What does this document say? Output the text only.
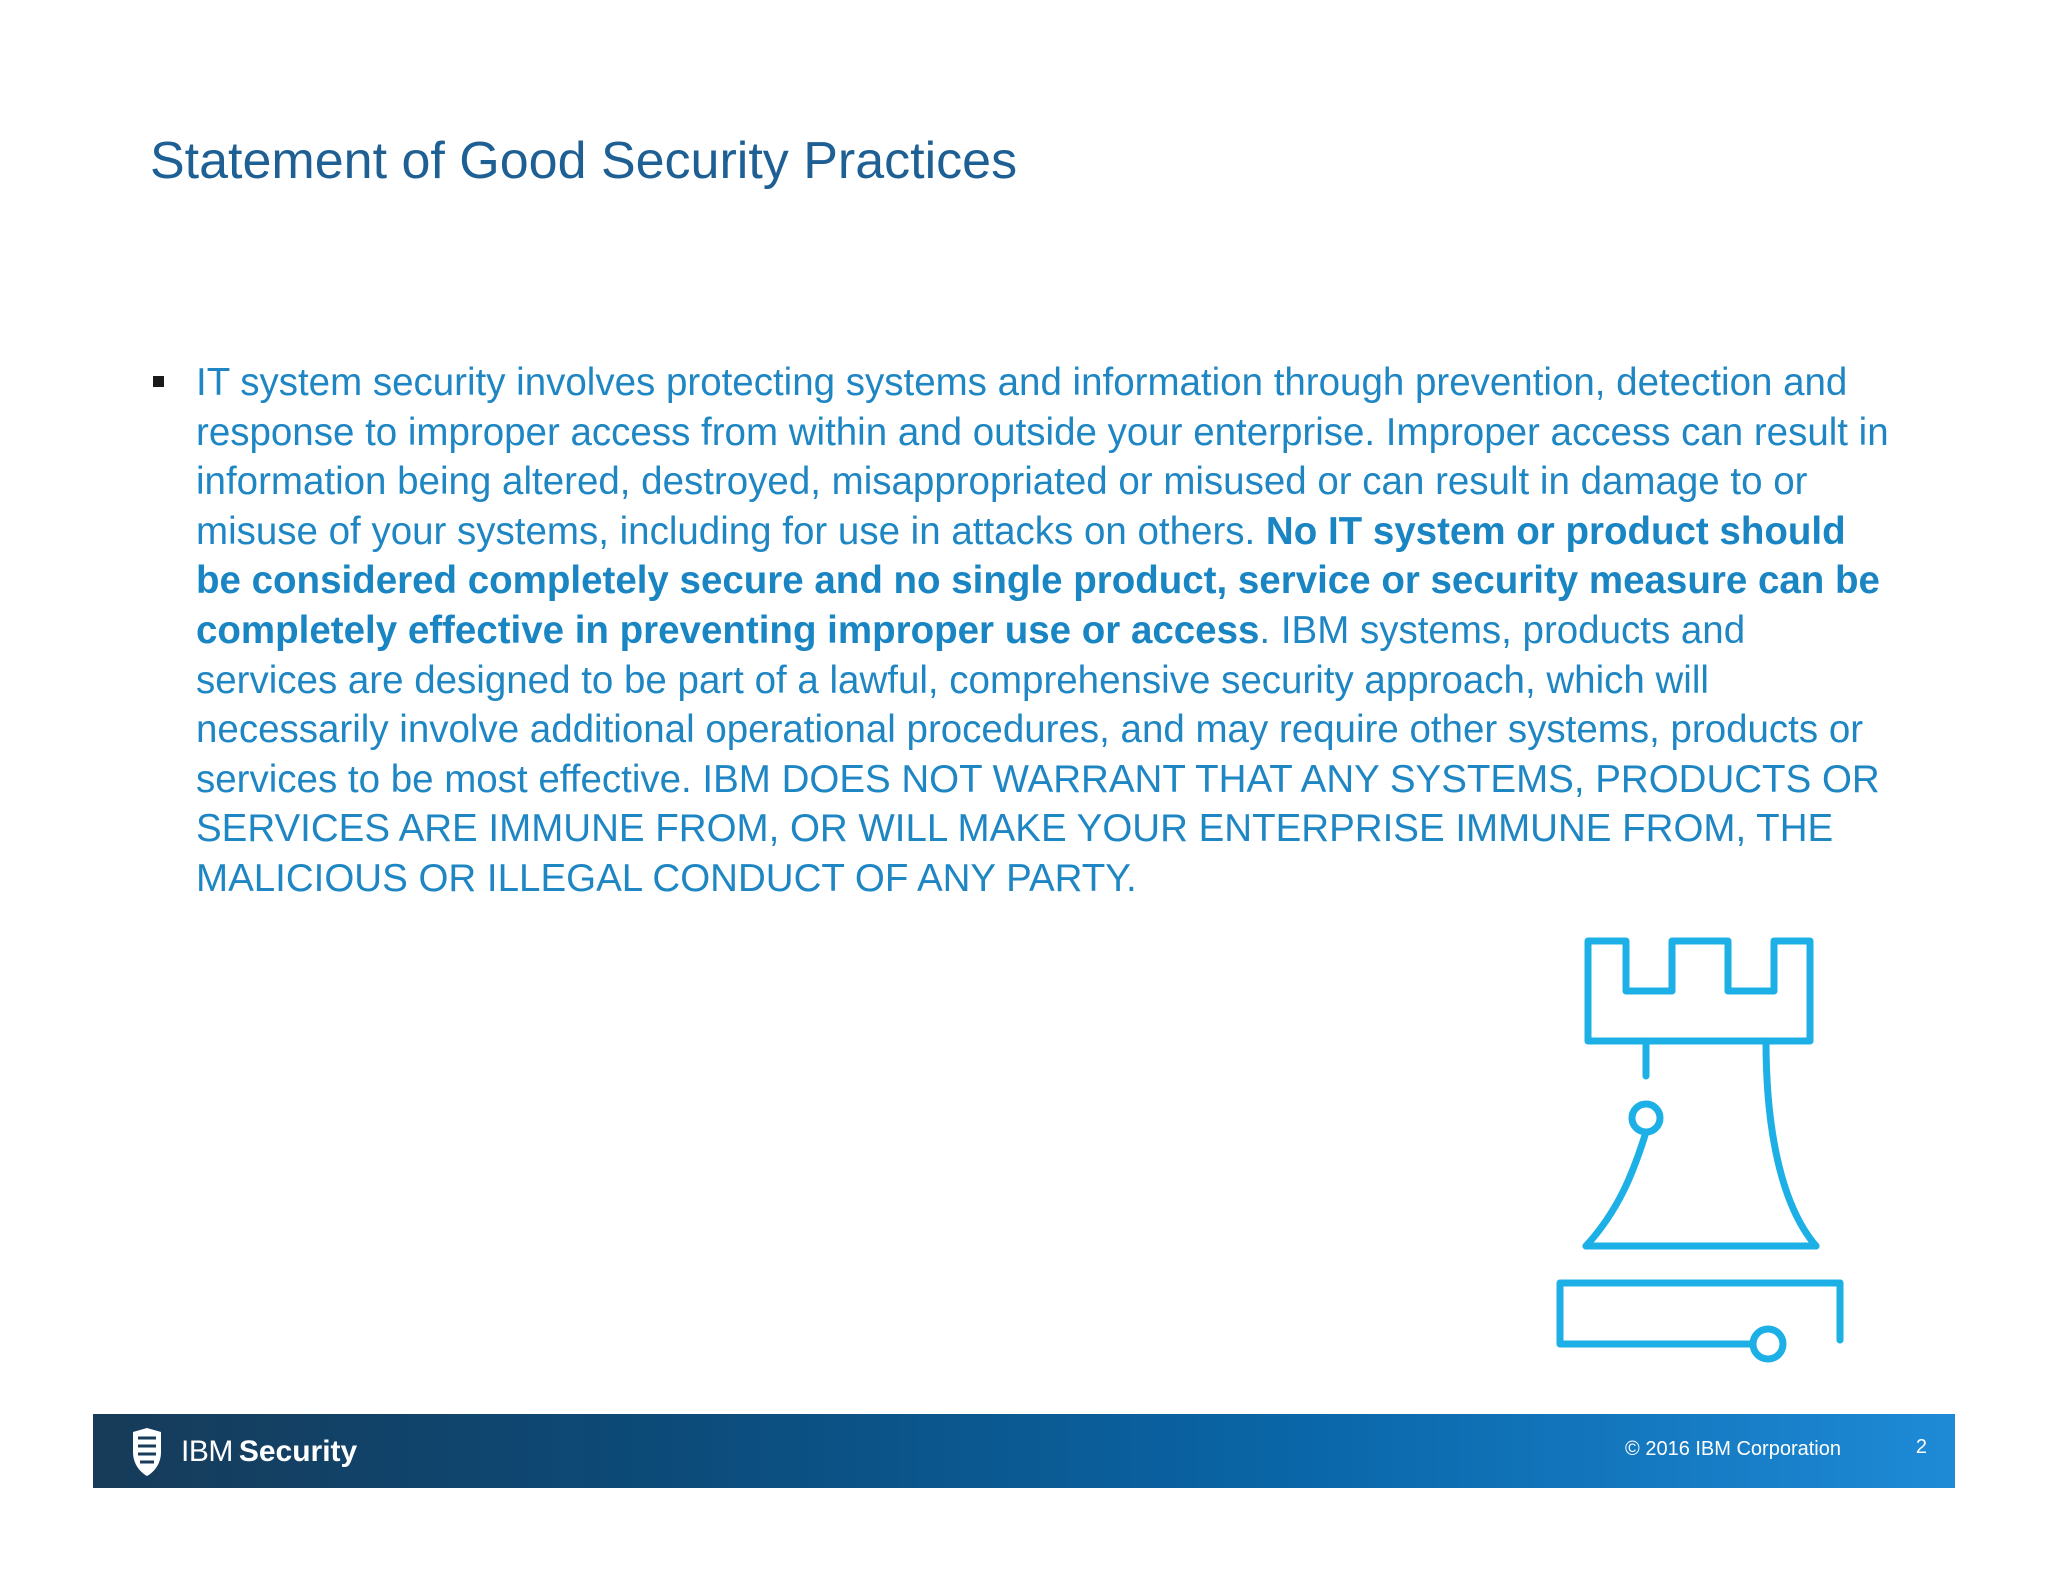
Statement of Good Security Practices

IT system security involves protecting systems and information through prevention, detection and response to improper access from within and outside your enterprise. Improper access can result in information being altered, destroyed, misappropriated or misused or can result in damage to or misuse of your systems, including for use in attacks on others. No IT system or product should be considered completely secure and no single product, service or security measure can be completely effective in preventing improper use or access. IBM systems, products and services are designed to be part of a lawful, comprehensive security approach, which will necessarily involve additional operational procedures, and may require other systems, products or services to be most effective. IBM DOES NOT WARRANT THAT ANY SYSTEMS, PRODUCTS OR SERVICES ARE IMMUNE FROM, OR WILL MAKE YOUR ENTERPRISE IMMUNE FROM, THE MALICIOUS OR ILLEGAL CONDUCT OF ANY PARTY.

IBM Security	© 2016 IBM Corporation	2
